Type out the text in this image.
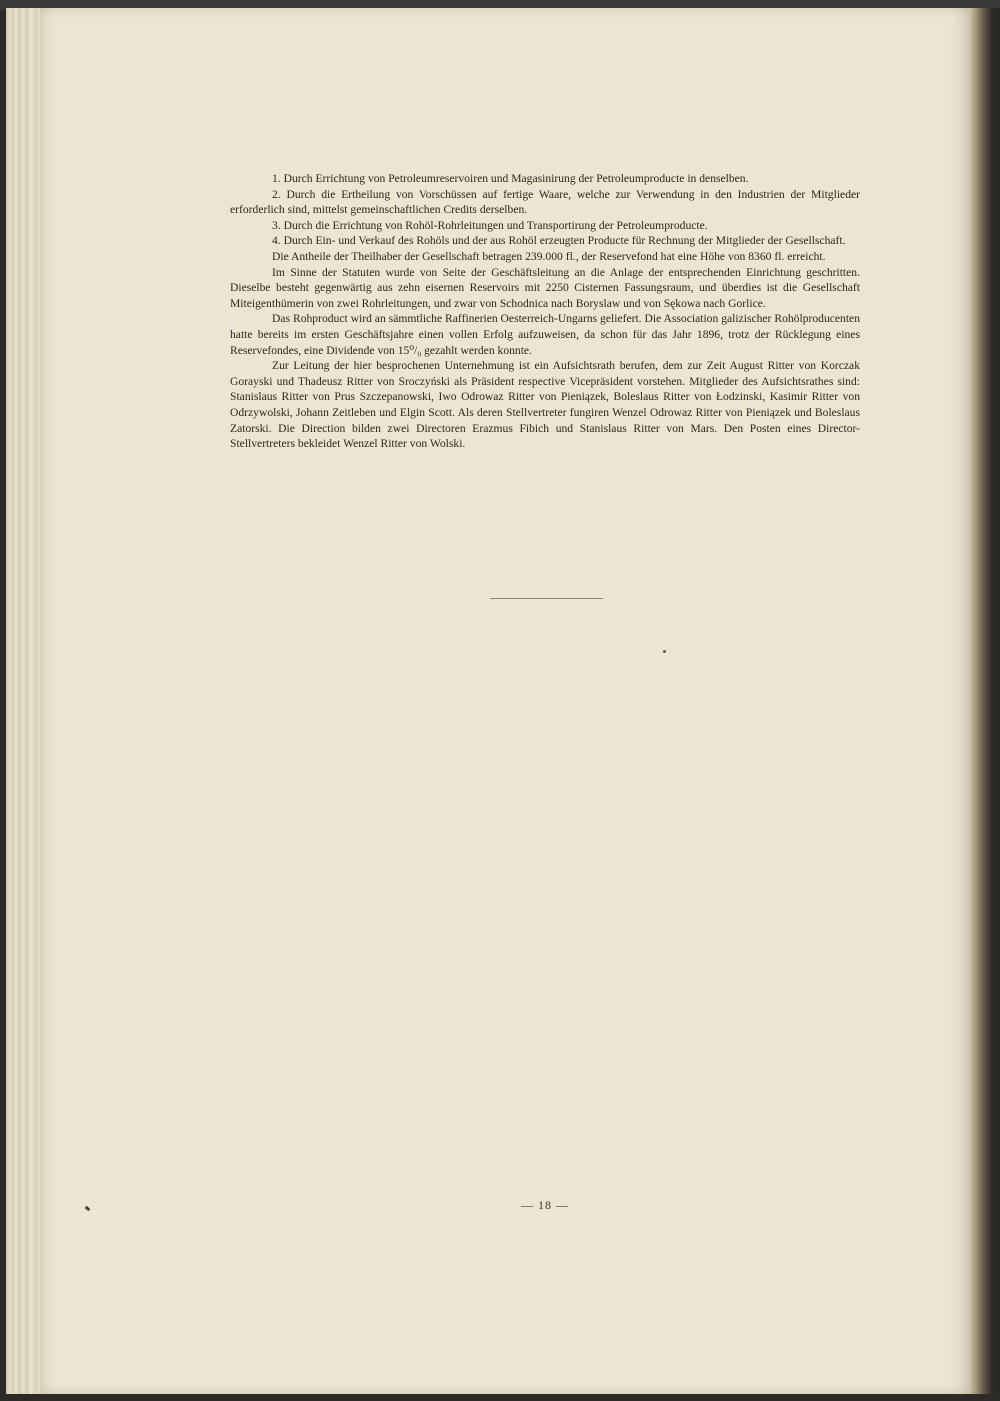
1. Durch Errichtung von Petroleumreservoiren und Magasinirung der Petroleumproducte in denselben.

2. Durch die Ertheilung von Vorschüssen auf fertige Waare, welche zur Verwendung in den Industrien der Mitglieder erforderlich sind, mittelst gemeinschaftlichen Credits derselben.

3. Durch die Errichtung von Rohöl-Rohrleitungen und Transportirung der Petroleumproducte.

4. Durch Ein- und Verkauf des Rohöls und der aus Rohöl erzeugten Producte für Rechnung der Mitglieder der Gesellschaft.

Die Antheile der Theilhaber der Gesellschaft betragen 239.000 fl., der Reservefond hat eine Höhe von 8360 fl. erreicht.

Im Sinne der Statuten wurde von Seite der Geschäftsleitung an die Anlage der entsprechenden Einrichtung geschritten. Dieselbe besteht gegenwärtig aus zehn eisernen Reservoirs mit 2250 Cisternen Fassungsraum, und überdies ist die Gesellschaft Miteigenthümerin von zwei Rohrleitungen, und zwar von Schodnica nach Boryslaw und von Sękowa nach Gorlice.

Das Rohproduct wird an sämmtliche Raffinerien Oesterreich-Ungarns geliefert. Die Association galizischer Rohölproducenten hatte bereits im ersten Geschäftsjahre einen vollen Erfolg aufzuweisen, da schon für das Jahr 1896, trotz der Rücklegung eines Reservefondes, eine Dividende von 15⁰/₀ gezahlt werden konnte.

Zur Leitung der hier besprochenen Unternehmung ist ein Aufsichtsrath berufen, dem zur Zeit August Ritter von Korczak Gorayski und Thadeusz Ritter von Sroczyński als Präsident respective Vicepräsident vorstehen. Mitglieder des Aufsichtsrathes sind: Stanislaus Ritter von Prus Szczepanowski, Iwo Odrowaz Ritter von Pieniązek, Boleslaus Ritter von Łodzinski, Kasimir Ritter von Odrzywolski, Johann Zeitleben und Elgin Scott. Als deren Stellvertreter fungiren Wenzel Odrowaz Ritter von Pieniązek und Boleslaus Zatorski. Die Direction bilden zwei Directoren Erazmus Fibich und Stanislaus Ritter von Mars. Den Posten eines Director-Stellvertreters bekleidet Wenzel Ritter von Wolski.

— 18 —
